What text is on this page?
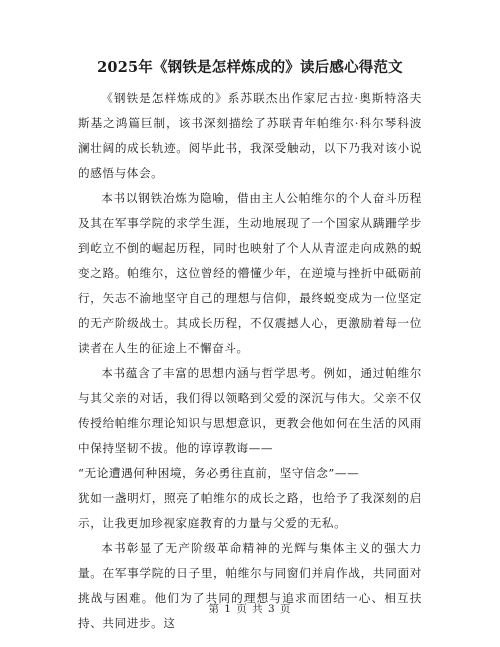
2025年《钢铁是怎样炼成的》读后感心得范文

《钢铁是怎样炼成的》系苏联杰出作家尼古拉·奥斯特洛夫斯基之鸿篇巨制，该书深刻描绘了苏联青年帕维尔·科尔琴科波澜壮阔的成长轨迹。阅毕此书，我深受触动，以下乃我对该小说的感悟与体会。

本书以钢铁冶炼为隐喻，借由主人公帕维尔的个人奋斗历程及其在军事学院的求学生涯，生动地展现了一个国家从蹒跚学步到屹立不倒的崛起历程，同时也映射了个人从青涩走向成熟的蜕变之路。帕维尔，这位曾经的懵懂少年，在逆境与挫折中砥砺前行，矢志不渝地坚守自己的理想与信仰，最终蜕变成为一位坚定的无产阶级战士。其成长历程，不仅震撼人心，更激励着每一位读者在人生的征途上不懈奋斗。

本书蕴含了丰富的思想内涵与哲学思考。例如，通过帕维尔与其父亲的对话，我们得以领略到父爱的深沉与伟大。父亲不仅传授给帕维尔理论知识与思想意识，更教会他如何在生活的风雨中保持坚韧不拔。他的谆谆教诲——

“无论遭遇何种困境，务必勇往直前，坚守信念”——

犹如一盏明灯，照亮了帕维尔的成长之路，也给予了我深刻的启示，让我更加珍视家庭教育的力量与父爱的无私。

本书彰显了无产阶级革命精神的光辉与集体主义的强大力量。在军事学院的日子里，帕维尔与同窗们并肩作战，共同面对挑战与困难。他们为了共同的理想与追求而团结一心、相互扶持、共同进步。这

第 1 页 共 3 页
